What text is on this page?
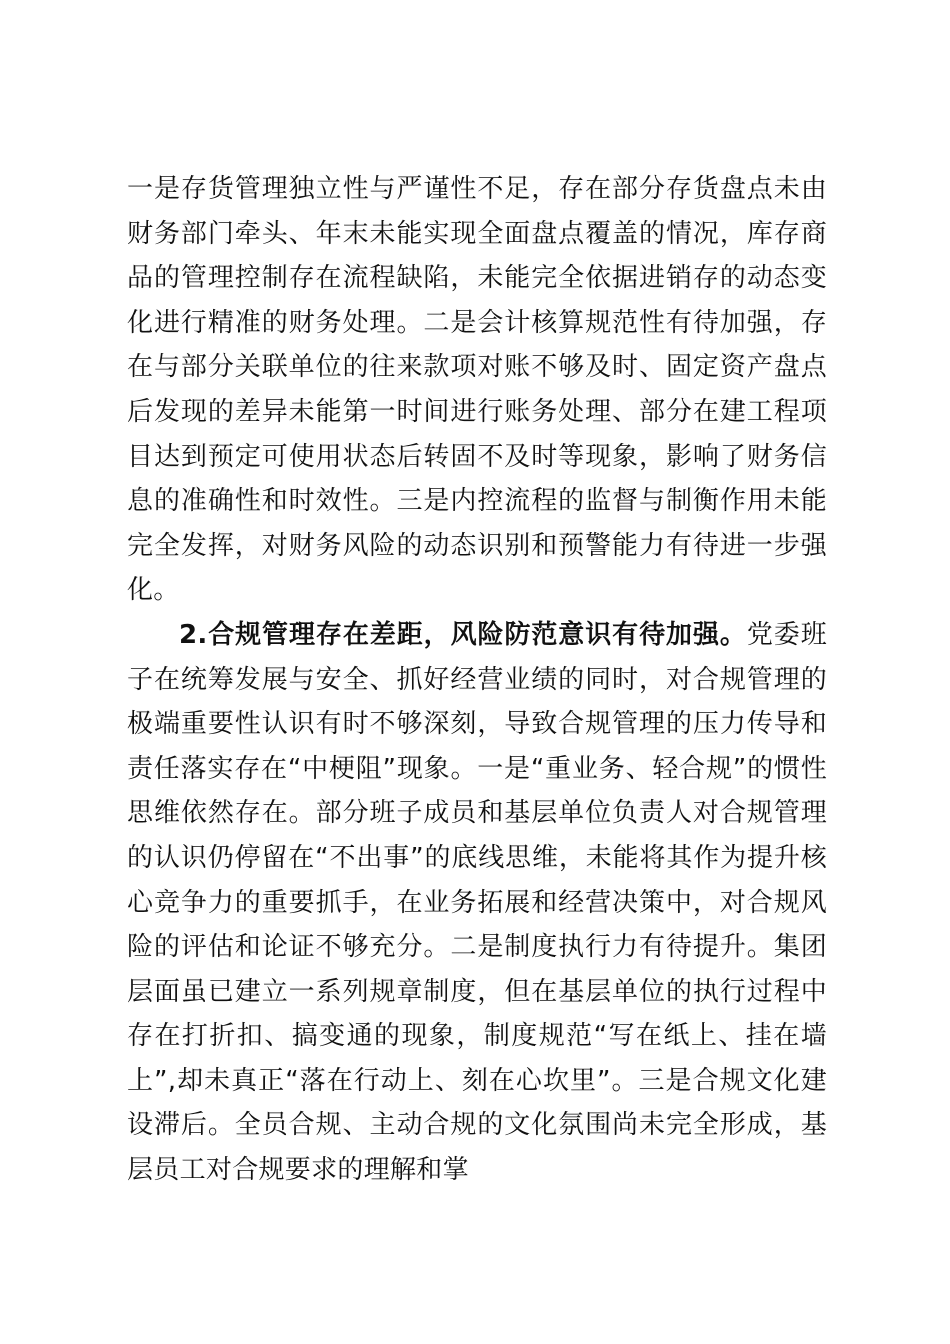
一是存货管理独立性与严谨性不足，存在部分存货盘点未由财务部门牵头、年末未能实现全面盘点覆盖的情况，库存商品的管理控制存在流程缺陷，未能完全依据进销存的动态变化进行精准的财务处理。二是会计核算规范性有待加强，存在与部分关联单位的往来款项对账不够及时、固定资产盘点后发现的差异未能第一时间进行账务处理、部分在建工程项目达到预定可使用状态后转固不及时等现象，影响了财务信息的准确性和时效性。三是内控流程的监督与制衡作用未能完全发挥，对财务风险的动态识别和预警能力有待进一步强化。

2.合规管理存在差距，风险防范意识有待加强。党委班子在统筹发展与安全、抓好经营业绩的同时，对合规管理的极端重要性认识有时不够深刻，导致合规管理的压力传导和责任落实存在“中梗阻”现象。一是“重业务、轻合规”的惯性思维依然存在。部分班子成员和基层单位负责人对合规管理的认识仍停留在“不出事”的底线思维，未能将其作为提升核心竞争力的重要抓手，在业务拓展和经营决策中，对合规风险的评估和论证不够充分。二是制度执行力有待提升。集团层面虽已建立一系列规章制度，但在基层单位的执行过程中存在打折扣、搞变通的现象，制度规范“写在纸上、挂在墙上”,却未真正“落在行动上、刻在心坎里”。三是合规文化建设滞后。全员合规、主动合规的文化氛围尚未完全形成，基层员工对合规要求的理解和掌
